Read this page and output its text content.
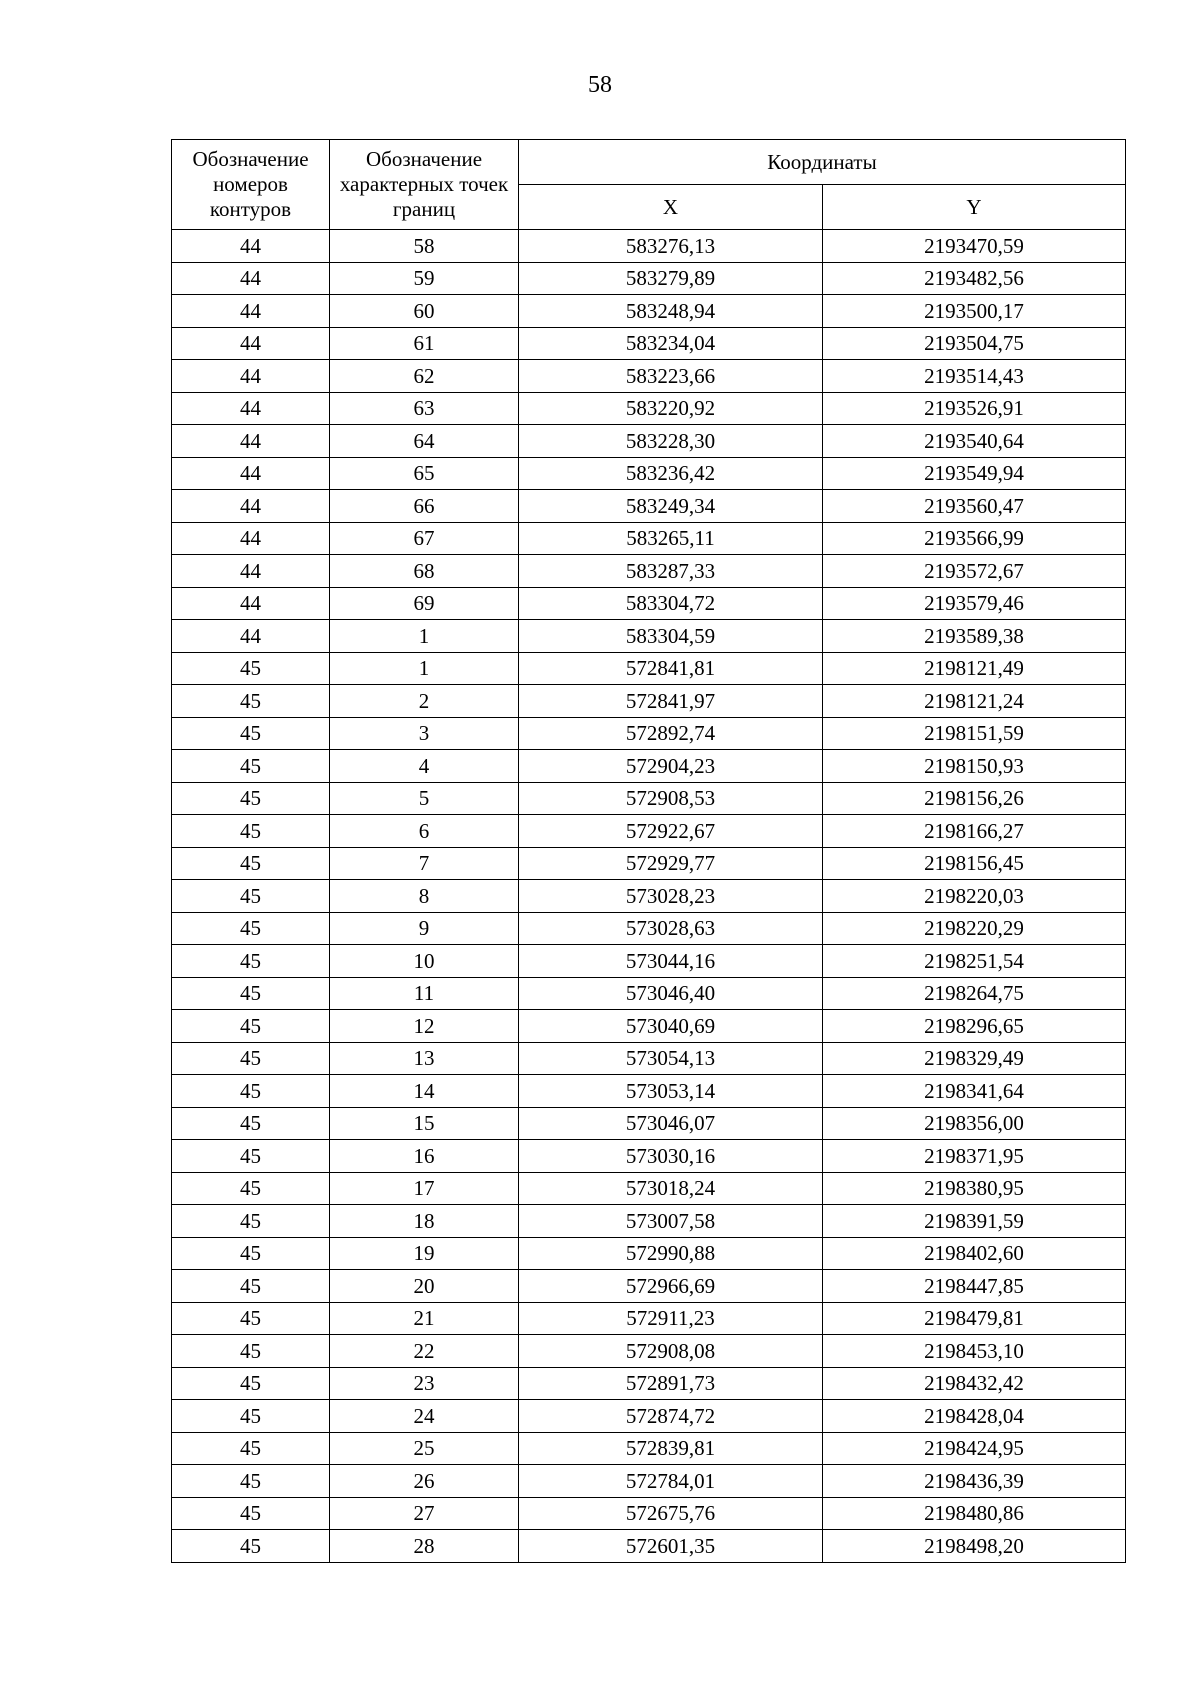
58
Обозначение номеров контуров	Обозначение характерных точек границ	Координаты	
		X	Y
44	58	583276,13	2193470,59
44	59	583279,89	2193482,56
44	60	583248,94	2193500,17
44	61	583234,04	2193504,75
44	62	583223,66	2193514,43
44	63	583220,92	2193526,91
44	64	583228,30	2193540,64
44	65	583236,42	2193549,94
44	66	583249,34	2193560,47
44	67	583265,11	2193566,99
44	68	583287,33	2193572,67
44	69	583304,72	2193579,46
44	1	583304,59	2193589,38
45	1	572841,81	2198121,49
45	2	572841,97	2198121,24
45	3	572892,74	2198151,59
45	4	572904,23	2198150,93
45	5	572908,53	2198156,26
45	6	572922,67	2198166,27
45	7	572929,77	2198156,45
45	8	573028,23	2198220,03
45	9	573028,63	2198220,29
45	10	573044,16	2198251,54
45	11	573046,40	2198264,75
45	12	573040,69	2198296,65
45	13	573054,13	2198329,49
45	14	573053,14	2198341,64
45	15	573046,07	2198356,00
45	16	573030,16	2198371,95
45	17	573018,24	2198380,95
45	18	573007,58	2198391,59
45	19	572990,88	2198402,60
45	20	572966,69	2198447,85
45	21	572911,23	2198479,81
45	22	572908,08	2198453,10
45	23	572891,73	2198432,42
45	24	572874,72	2198428,04
45	25	572839,81	2198424,95
45	26	572784,01	2198436,39
45	27	572675,76	2198480,86
45	28	572601,35	2198498,20
